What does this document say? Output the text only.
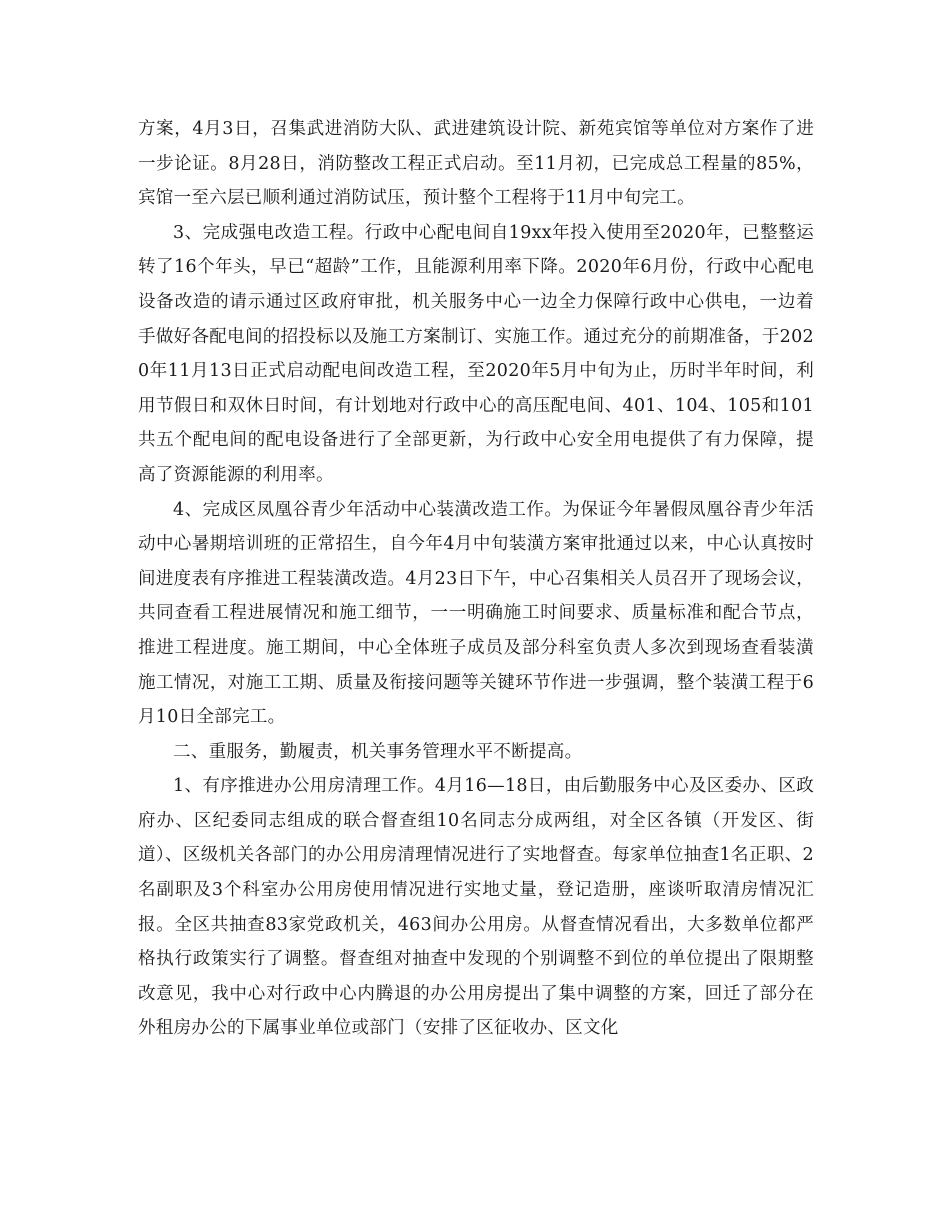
方案，4月3日，召集武进消防大队、武进建筑设计院、新苑宾馆等单位对方案作了进一步论证。8月28日，消防整改工程正式启动。至11月初，已完成总工程量的85%，宾馆一至六层已顺利通过消防试压，预计整个工程将于11月中旬完工。

3、完成强电改造工程。行政中心配电间自19xx年投入使用至2020年，已整整运转了16个年头，早已“超龄”工作，且能源利用率下降。2020年6月份，行政中心配电设备改造的请示通过区政府审批，机关服务中心一边全力保障行政中心供电，一边着手做好各配电间的招投标以及施工方案制订、实施工作。通过充分的前期准备，于2020年11月13日正式启动配电间改造工程，至2020年5月中旬为止，历时半年时间，利用节假日和双休日时间，有计划地对行政中心的高压配电间、401、104、105和101共五个配电间的配电设备进行了全部更新，为行政中心安全用电提供了有力保障，提高了资源能源的利用率。

4、完成区凤凰谷青少年活动中心装潢改造工作。为保证今年暑假凤凰谷青少年活动中心暑期培训班的正常招生，自今年4月中旬装潢方案审批通过以来，中心认真按时间进度表有序推进工程装潢改造。4月23日下午，中心召集相关人员召开了现场会议，共同查看工程进展情况和施工细节，一一明确施工时间要求、质量标准和配合节点，推进工程进度。施工期间，中心全体班子成员及部分科室负责人多次到现场查看装潢施工情况，对施工工期、质量及衔接问题等关键环节作进一步强调，整个装潢工程于6月10日全部完工。

二、重服务，勤履责，机关事务管理水平不断提高。

1、有序推进办公用房清理工作。4月16—18日，由后勤服务中心及区委办、区政府办、区纪委同志组成的联合督查组10名同志分成两组，对全区各镇（开发区、街道）、区级机关各部门的办公用房清理情况进行了实地督查。每家单位抽查1名正职、2名副职及3个科室办公用房使用情况进行实地丈量，登记造册，座谈听取清房情况汇报。全区共抽查83家党政机关，463间办公用房。从督查情况看出，大多数单位都严格执行政策实行了调整。督查组对抽查中发现的个别调整不到位的单位提出了限期整改意见，我中心对行政中心内腾退的办公用房提出了集中调整的方案，回迁了部分在外租房办公的下属事业单位或部门（安排了区征收办、区文化
